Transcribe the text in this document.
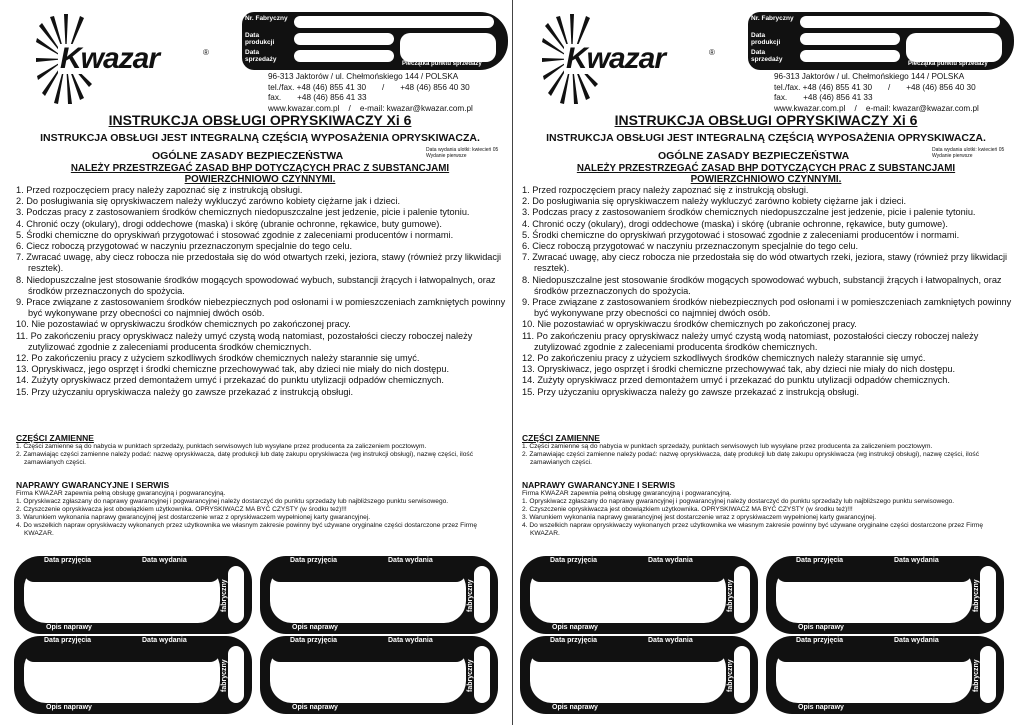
Kwazar	®
Nr. Fabryczny
Data produkcji
Data sprzedaży
Pieczątka punktu sprzedaży
96-313 Jaktorów / ul. Chełmońskiego 144 / POLSKA
tel./fax. +48 (46) 855 41 30       /       +48 (46) 856 40 30
fax.       +48 (46) 856 41 33
www.kwazar.com.pl    /    e-mail: kwazar@kwazar.com.pl
INSTRUKCJA OBSŁUGI OPRYSKIWACZY Xi 6
INSTRUKCJA OBSŁUGI JEST INTEGRALNĄ CZĘŚCIĄ WYPOSAŻENIA OPRYSKIWACZA.
OGÓLNE ZASADY BEZPIECZEŃSTWA	Data wydania ulotki: kwiecień 05
Wydanie pierwsze
NALEŻY PRZESTRZEGAĆ ZASAD BHP DOTYCZĄCYCH PRAC Z SUBSTANCJAMI
POWIERZCHNIOWO CZYNNYMI.
1. Przed rozpoczęciem pracy należy zapoznać się z instrukcją obsługi.
2. Do posługiwania się opryskiwaczem należy wykluczyć zarówno kobiety ciężarne jak i dzieci.
3. Podczas pracy z zastosowaniem środków chemicznych niedopuszczalne jest jedzenie, picie i palenie tytoniu.
4. Chronić oczy (okulary), drogi oddechowe (maska) i skórę (ubranie ochronne, rękawice, buty gumowe).
5. Środki chemiczne do opryskiwań przygotować i stosować zgodnie z zaleceniami producentów i normami.
6. Ciecz roboczą przygotować w naczyniu przeznaczonym specjalnie do tego celu.
7. Zwracać uwagę, aby ciecz robocza nie przedostała się do wód otwartych rzeki, jeziora, stawy (również przy likwidacji resztek).
8. Niedopuszczalne jest stosowanie środków mogących spowodować wybuch, substancji żrących i łatwopalnych, oraz środków przeznaczonych do spożycia.
9. Prace związane z zastosowaniem środków niebezpiecznych pod osłonami i w pomieszczeniach zamkniętych powinny być wykonywane przy obecności co najmniej dwóch osób.
10. Nie pozostawiać w opryskiwaczu środków chemicznych po zakończonej pracy.
11. Po zakończeniu pracy opryskiwacz należy umyć czystą wodą natomiast, pozostałości cieczy roboczej należy zutylizować zgodnie z zaleceniami producenta środków chemicznych.
12. Po zakończeniu pracy z użyciem szkodliwych środków chemicznych należy starannie się umyć.
13. Opryskiwacz, jego osprzęt i środki chemiczne przechowywać tak, aby dzieci nie miały do nich dostępu.
14. Zużyty opryskiwacz przed demontażem umyć i przekazać do punktu utylizacji odpadów chemicznych.
15. Przy użyczaniu opryskiwacza należy go zawsze przekazać z instrukcją obsługi.
CZĘŚCI ZAMIENNE
1. Części zamienne są do nabycia w punktach sprzedaży, punktach serwisowych lub wysyłane przez producenta za zaliczeniem pocztowym.
2. Zamawiając części zamienne należy podać: nazwę opryskiwacza, datę produkcji lub datę zakupu opryskiwacza (wg instrukcji obsługi), nazwę części, ilość zamawianych części.
NAPRAWY GWARANCYJNE I SERWIS
Firma KWAZAR zapewnia pełną obsługę gwarancyjną i pogwarancyjną.
1. Opryskiwacz zgłaszany do naprawy gwarancyjnej i pogwarancyjnej należy dostarczyć do punktu sprzedaży lub najbliższego punktu serwisowego.
2. Czyszczenie opryskiwacza jest obowiązkiem użytkownika. OPRYSKIWACZ MA BYĆ CZYSTY (w środku też)!!!
3. Warunkiem wykonania naprawy gwarancyjnej jest dostarczenie wraz z opryskiwaczem wypełnionej karty gwarancyjnej.
4. Do wszelkich napraw opryskiwaczy wykonanych przez użytkownika we własnym zakresie powinny być używane oryginalne części dostarczone przez Firmę KWAZAR.
Data przyjęcia	Data wydania
Opis naprawy
Numer fabryczny
Data przyjęcia	Data wydania
Opis naprawy
Numer fabryczny
Data przyjęcia	Data wydania
Opis naprawy
Numer fabryczny
Data przyjęcia	Data wydania
Opis naprawy
Numer fabryczny
Kwazar	®
Nr. Fabryczny
Data produkcji
Data sprzedaży
Pieczątka punktu sprzedaży
96-313 Jaktorów / ul. Chełmońskiego 144 / POLSKA
tel./fax. +48 (46) 855 41 30       /       +48 (46) 856 40 30
fax.       +48 (46) 856 41 33
www.kwazar.com.pl    /    e-mail: kwazar@kwazar.com.pl
INSTRUKCJA OBSŁUGI OPRYSKIWACZY Xi 6
INSTRUKCJA OBSŁUGI JEST INTEGRALNĄ CZĘŚCIĄ WYPOSAŻENIA OPRYSKIWACZA.
OGÓLNE ZASADY BEZPIECZEŃSTWA	Data wydania ulotki: kwiecień 05
Wydanie pierwsze
NALEŻY PRZESTRZEGAĆ ZASAD BHP DOTYCZĄCYCH PRAC Z SUBSTANCJAMI
POWIERZCHNIOWO CZYNNYMI.
1. Przed rozpoczęciem pracy należy zapoznać się z instrukcją obsługi.
2. Do posługiwania się opryskiwaczem należy wykluczyć zarówno kobiety ciężarne jak i dzieci.
3. Podczas pracy z zastosowaniem środków chemicznych niedopuszczalne jest jedzenie, picie i palenie tytoniu.
4. Chronić oczy (okulary), drogi oddechowe (maska) i skórę (ubranie ochronne, rękawice, buty gumowe).
5. Środki chemiczne do opryskiwań przygotować i stosować zgodnie z zaleceniami producentów i normami.
6. Ciecz roboczą przygotować w naczyniu przeznaczonym specjalnie do tego celu.
7. Zwracać uwagę, aby ciecz robocza nie przedostała się do wód otwartych rzeki, jeziora, stawy (również przy likwidacji resztek).
8. Niedopuszczalne jest stosowanie środków mogących spowodować wybuch, substancji żrących i łatwopalnych, oraz środków przeznaczonych do spożycia.
9. Prace związane z zastosowaniem środków niebezpiecznych pod osłonami i w pomieszczeniach zamkniętych powinny być wykonywane przy obecności co najmniej dwóch osób.
10. Nie pozostawiać w opryskiwaczu środków chemicznych po zakończonej pracy.
11. Po zakończeniu pracy opryskiwacz należy umyć czystą wodą natomiast, pozostałości cieczy roboczej należy zutylizować zgodnie z zaleceniami producenta środków chemicznych.
12. Po zakończeniu pracy z użyciem szkodliwych środków chemicznych należy starannie się umyć.
13. Opryskiwacz, jego osprzęt i środki chemiczne przechowywać tak, aby dzieci nie miały do nich dostępu.
14. Zużyty opryskiwacz przed demontażem umyć i przekazać do punktu utylizacji odpadów chemicznych.
15. Przy użyczaniu opryskiwacza należy go zawsze przekazać z instrukcją obsługi.
CZĘŚCI ZAMIENNE
1. Części zamienne są do nabycia w punktach sprzedaży, punktach serwisowych lub wysyłane przez producenta za zaliczeniem pocztowym.
2. Zamawiając części zamienne należy podać: nazwę opryskiwacza, datę produkcji lub datę zakupu opryskiwacza (wg instrukcji obsługi), nazwę części, ilość zamawianych części.
NAPRAWY GWARANCYJNE I SERWIS
Firma KWAZAR zapewnia pełną obsługę gwarancyjną i pogwarancyjną.
1. Opryskiwacz zgłaszany do naprawy gwarancyjnej i pogwarancyjnej należy dostarczyć do punktu sprzedaży lub najbliższego punktu serwisowego.
2. Czyszczenie opryskiwacza jest obowiązkiem użytkownika. OPRYSKIWACZ MA BYĆ CZYSTY (w środku też)!!!
3. Warunkiem wykonania naprawy gwarancyjnej jest dostarczenie wraz z opryskiwaczem wypełnionej karty gwarancyjnej.
4. Do wszelkich napraw opryskiwaczy wykonanych przez użytkownika we własnym zakresie powinny być używane oryginalne części dostarczone przez Firmę KWAZAR.
Data przyjęcia	Data wydania
Opis naprawy
Numer fabryczny
Data przyjęcia	Data wydania
Opis naprawy
Numer fabryczny
Data przyjęcia	Data wydania
Opis naprawy
Numer fabryczny
Data przyjęcia	Data wydania
Opis naprawy
Numer fabryczny
